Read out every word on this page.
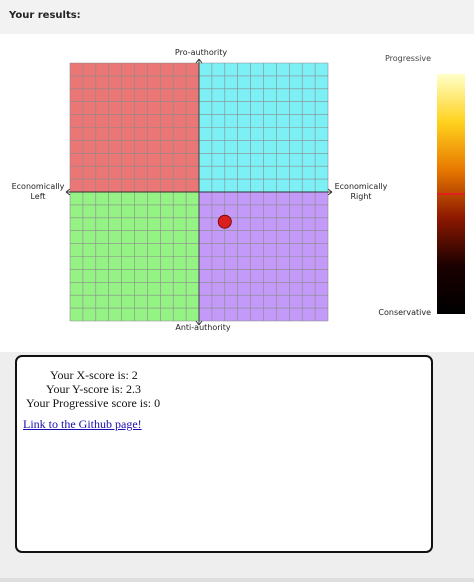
Your results:
Pro-authority
Anti-authority
Economically
Left
Economically
Right
Progressive
Conservative
Your X-score is: 2
Your Y-score is: 2.3
Your Progressive score is: 0
Link to the Github page!
